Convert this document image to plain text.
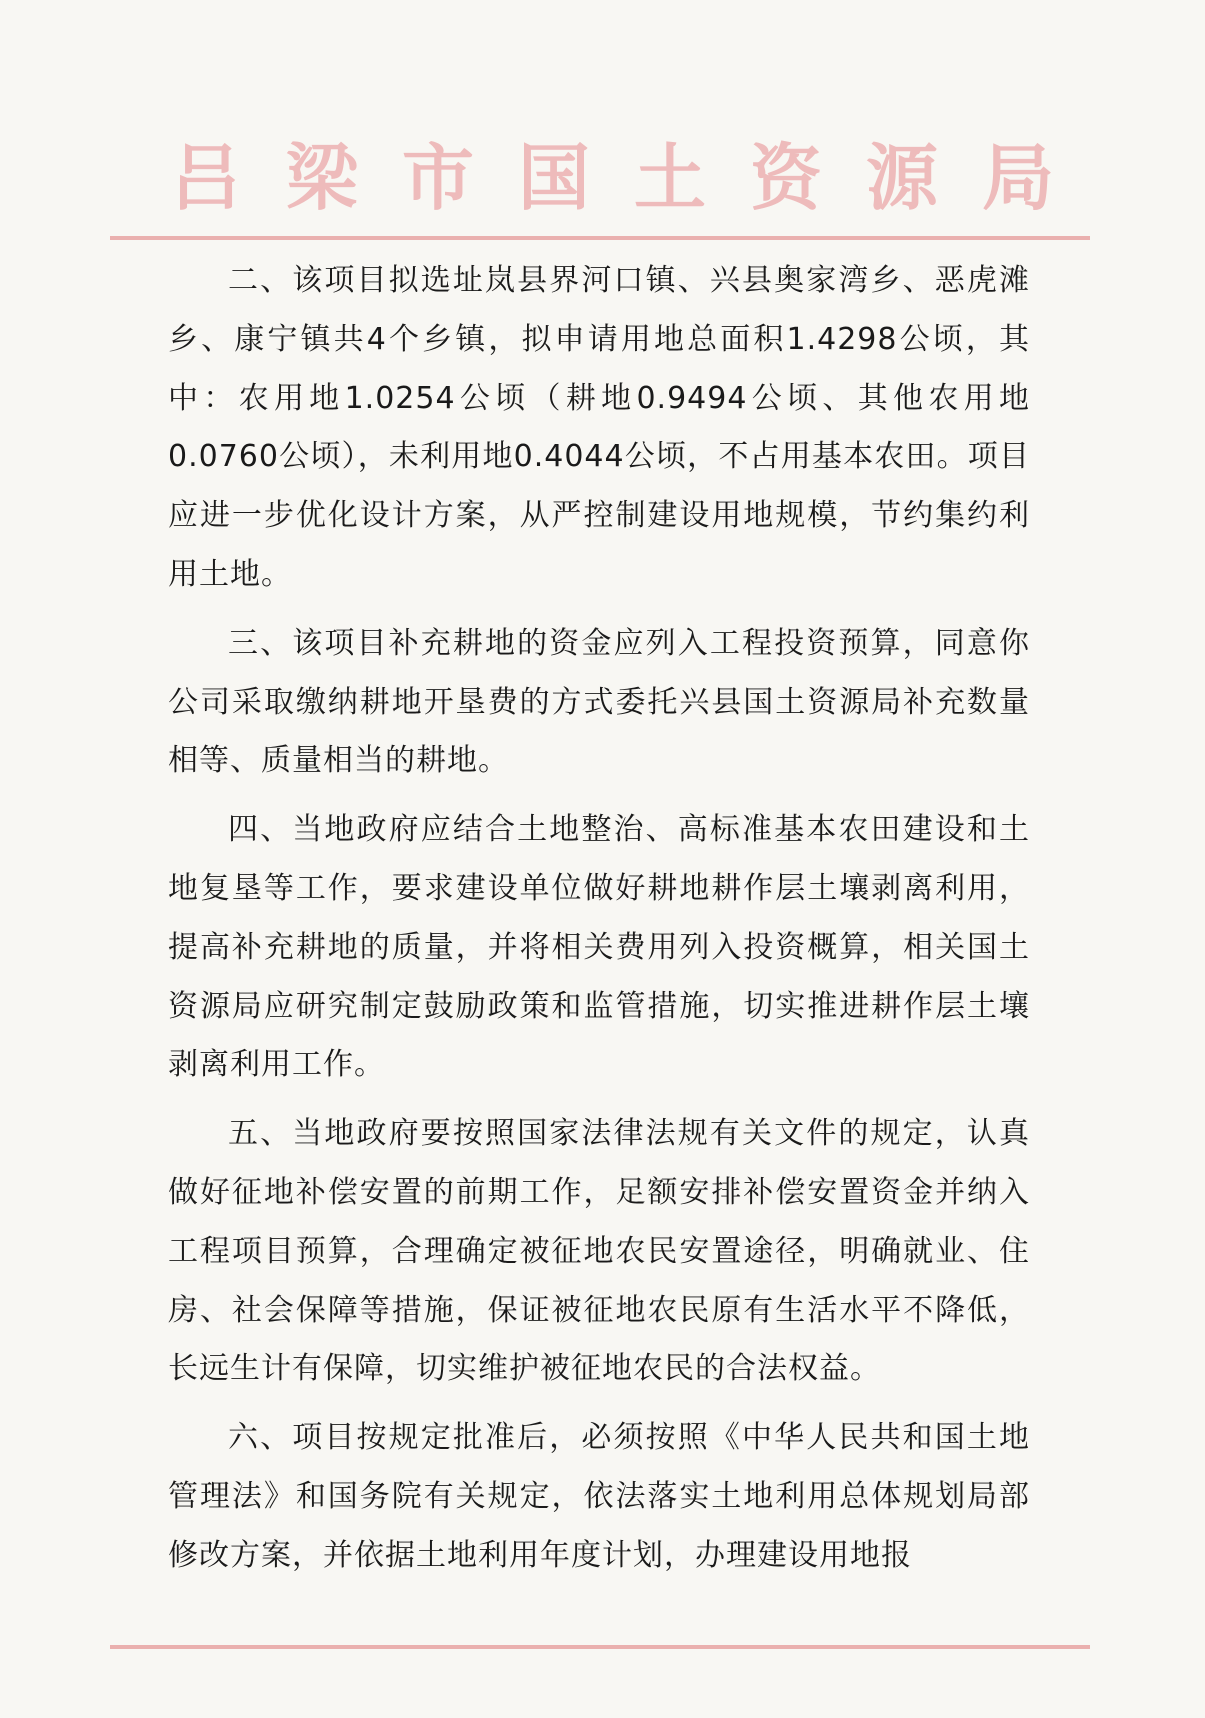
吕梁市国土资源局

二、该项目拟选址岚县界河口镇、兴县奥家湾乡、恶虎滩乡、康宁镇共4个乡镇，拟申请用地总面积1.4298公顷，其中：农用地1.0254公顷（耕地0.9494公顷、其他农用地0.0760公顷），未利用地0.4044公顷，不占用基本农田。项目应进一步优化设计方案，从严控制建设用地规模，节约集约利用土地。

三、该项目补充耕地的资金应列入工程投资预算，同意你公司采取缴纳耕地开垦费的方式委托兴县国土资源局补充数量相等、质量相当的耕地。

四、当地政府应结合土地整治、高标准基本农田建设和土地复垦等工作，要求建设单位做好耕地耕作层土壤剥离利用，提高补充耕地的质量，并将相关费用列入投资概算，相关国土资源局应研究制定鼓励政策和监管措施，切实推进耕作层土壤剥离利用工作。

五、当地政府要按照国家法律法规有关文件的规定，认真做好征地补偿安置的前期工作，足额安排补偿安置资金并纳入工程项目预算，合理确定被征地农民安置途径，明确就业、住房、社会保障等措施，保证被征地农民原有生活水平不降低，长远生计有保障，切实维护被征地农民的合法权益。

六、项目按规定批准后，必须按照《中华人民共和国土地管理法》和国务院有关规定，依法落实土地利用总体规划局部修改方案，并依据土地利用年度计划，办理建设用地报
